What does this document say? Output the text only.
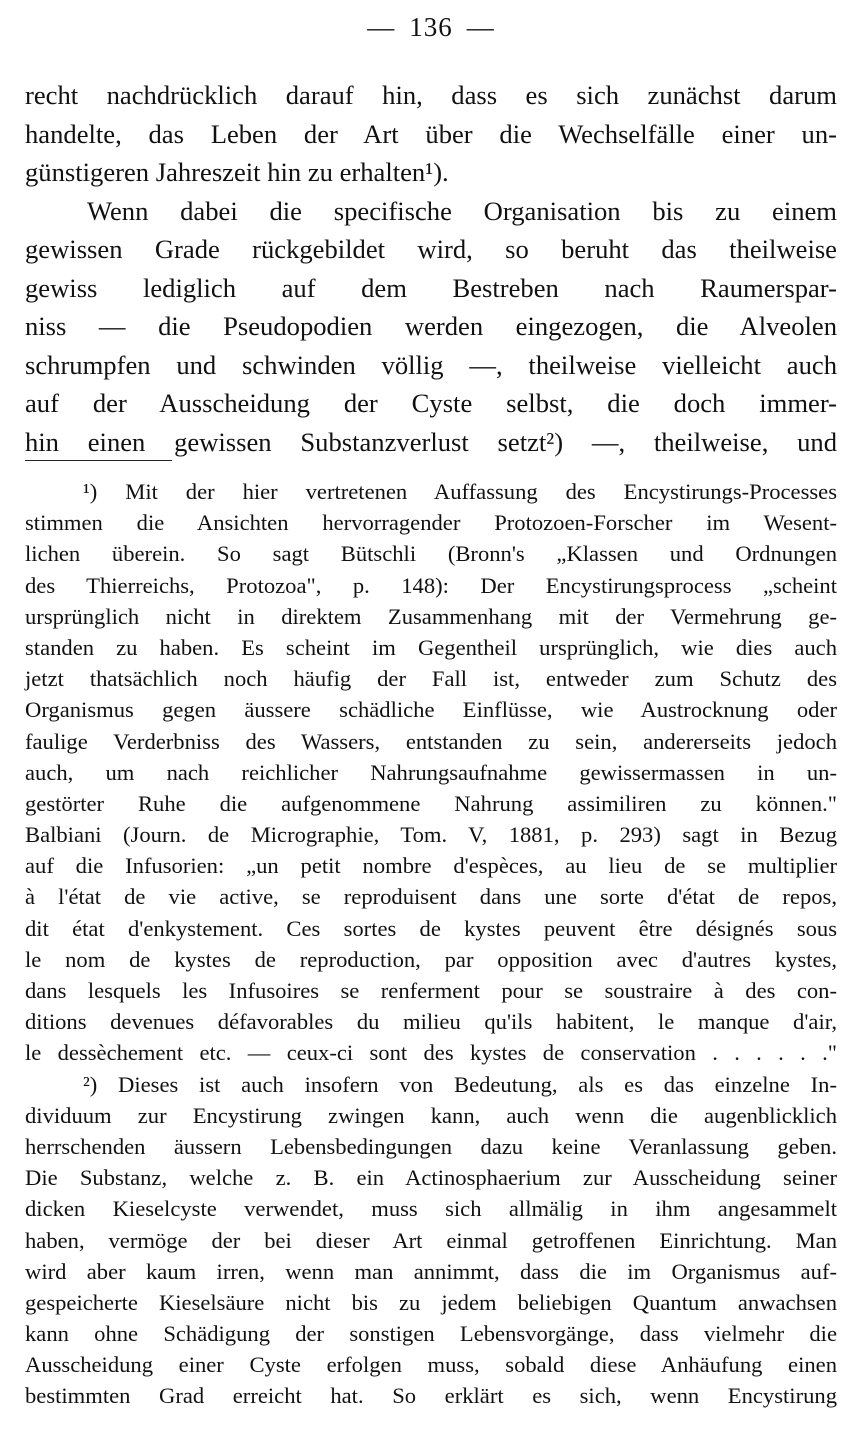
— 136 —
recht nachdrücklich darauf hin, dass es sich zunächst darum
handelte, das Leben der Art über die Wechselfälle einer un-
günstigeren Jahreszeit hin zu erhalten¹).
Wenn dabei die specifische Organisation bis zu einem
gewissen Grade rückgebildet wird, so beruht das theilweise
gewiss lediglich auf dem Bestreben nach Raumerspar-
niss — die Pseudopodien werden eingezogen, die Alveolen
schrumpfen und schwinden völlig —, theilweise vielleicht auch
auf der Ausscheidung der Cyste selbst, die doch immer-
hin einen gewissen Substanzverlust setzt²) —, theilweise, und
¹) Mit der hier vertretenen Auffassung des Encystirungs-Processes
stimmen die Ansichten hervorragender Protozoen-Forscher im Wesent-
lichen überein. So sagt Bütschli (Bronn's „Klassen und Ordnungen
des Thierreichs, Protozoa", p. 148): Der Encystirungsprocess „scheint
ursprünglich nicht in direktem Zusammenhang mit der Vermehrung ge-
standen zu haben. Es scheint im Gegentheil ursprünglich, wie dies auch
jetzt thatsächlich noch häufig der Fall ist, entweder zum Schutz des
Organismus gegen äussere schädliche Einflüsse, wie Austrocknung oder
faulige Verderbniss des Wassers, entstanden zu sein, andererseits jedoch
auch, um nach reichlicher Nahrungsaufnahme gewissermassen in un-
gestörter Ruhe die aufgenommene Nahrung assimiliren zu können."
Balbiani (Journ. de Micrographie, Tom. V, 1881, p. 293) sagt in Bezug
auf die Infusorien: „un petit nombre d'espèces, au lieu de se multiplier
à l'état de vie active, se reproduisent dans une sorte d'état de repos,
dit état d'enkystement. Ces sortes de kystes peuvent être désignés sous
le nom de kystes de reproduction, par opposition avec d'autres kystes,
dans lesquels les Infusoires se renferment pour se soustraire à des con-
ditions devenues défavorables du milieu qu'ils habitent, le manque d'air,
le dessèchement etc. — ceux-ci sont des kystes de conservation . . . . . ."
²) Dieses ist auch insofern von Bedeutung, als es das einzelne In-
dividuum zur Encystirung zwingen kann, auch wenn die augenblicklich
herrschenden äussern Lebensbedingungen dazu keine Veranlassung geben.
Die Substanz, welche z. B. ein Actinosphaerium zur Ausscheidung seiner
dicken Kieselcyste verwendet, muss sich allmälig in ihm angesammelt
haben, vermöge der bei dieser Art einmal getroffenen Einrichtung. Man
wird aber kaum irren, wenn man annimmt, dass die im Organismus auf-
gespeicherte Kieselsäure nicht bis zu jedem beliebigen Quantum anwachsen
kann ohne Schädigung der sonstigen Lebensvorgänge, dass vielmehr die
Ausscheidung einer Cyste erfolgen muss, sobald diese Anhäufung einen
bestimmten Grad erreicht hat. So erklärt es sich, wenn Encystirung
